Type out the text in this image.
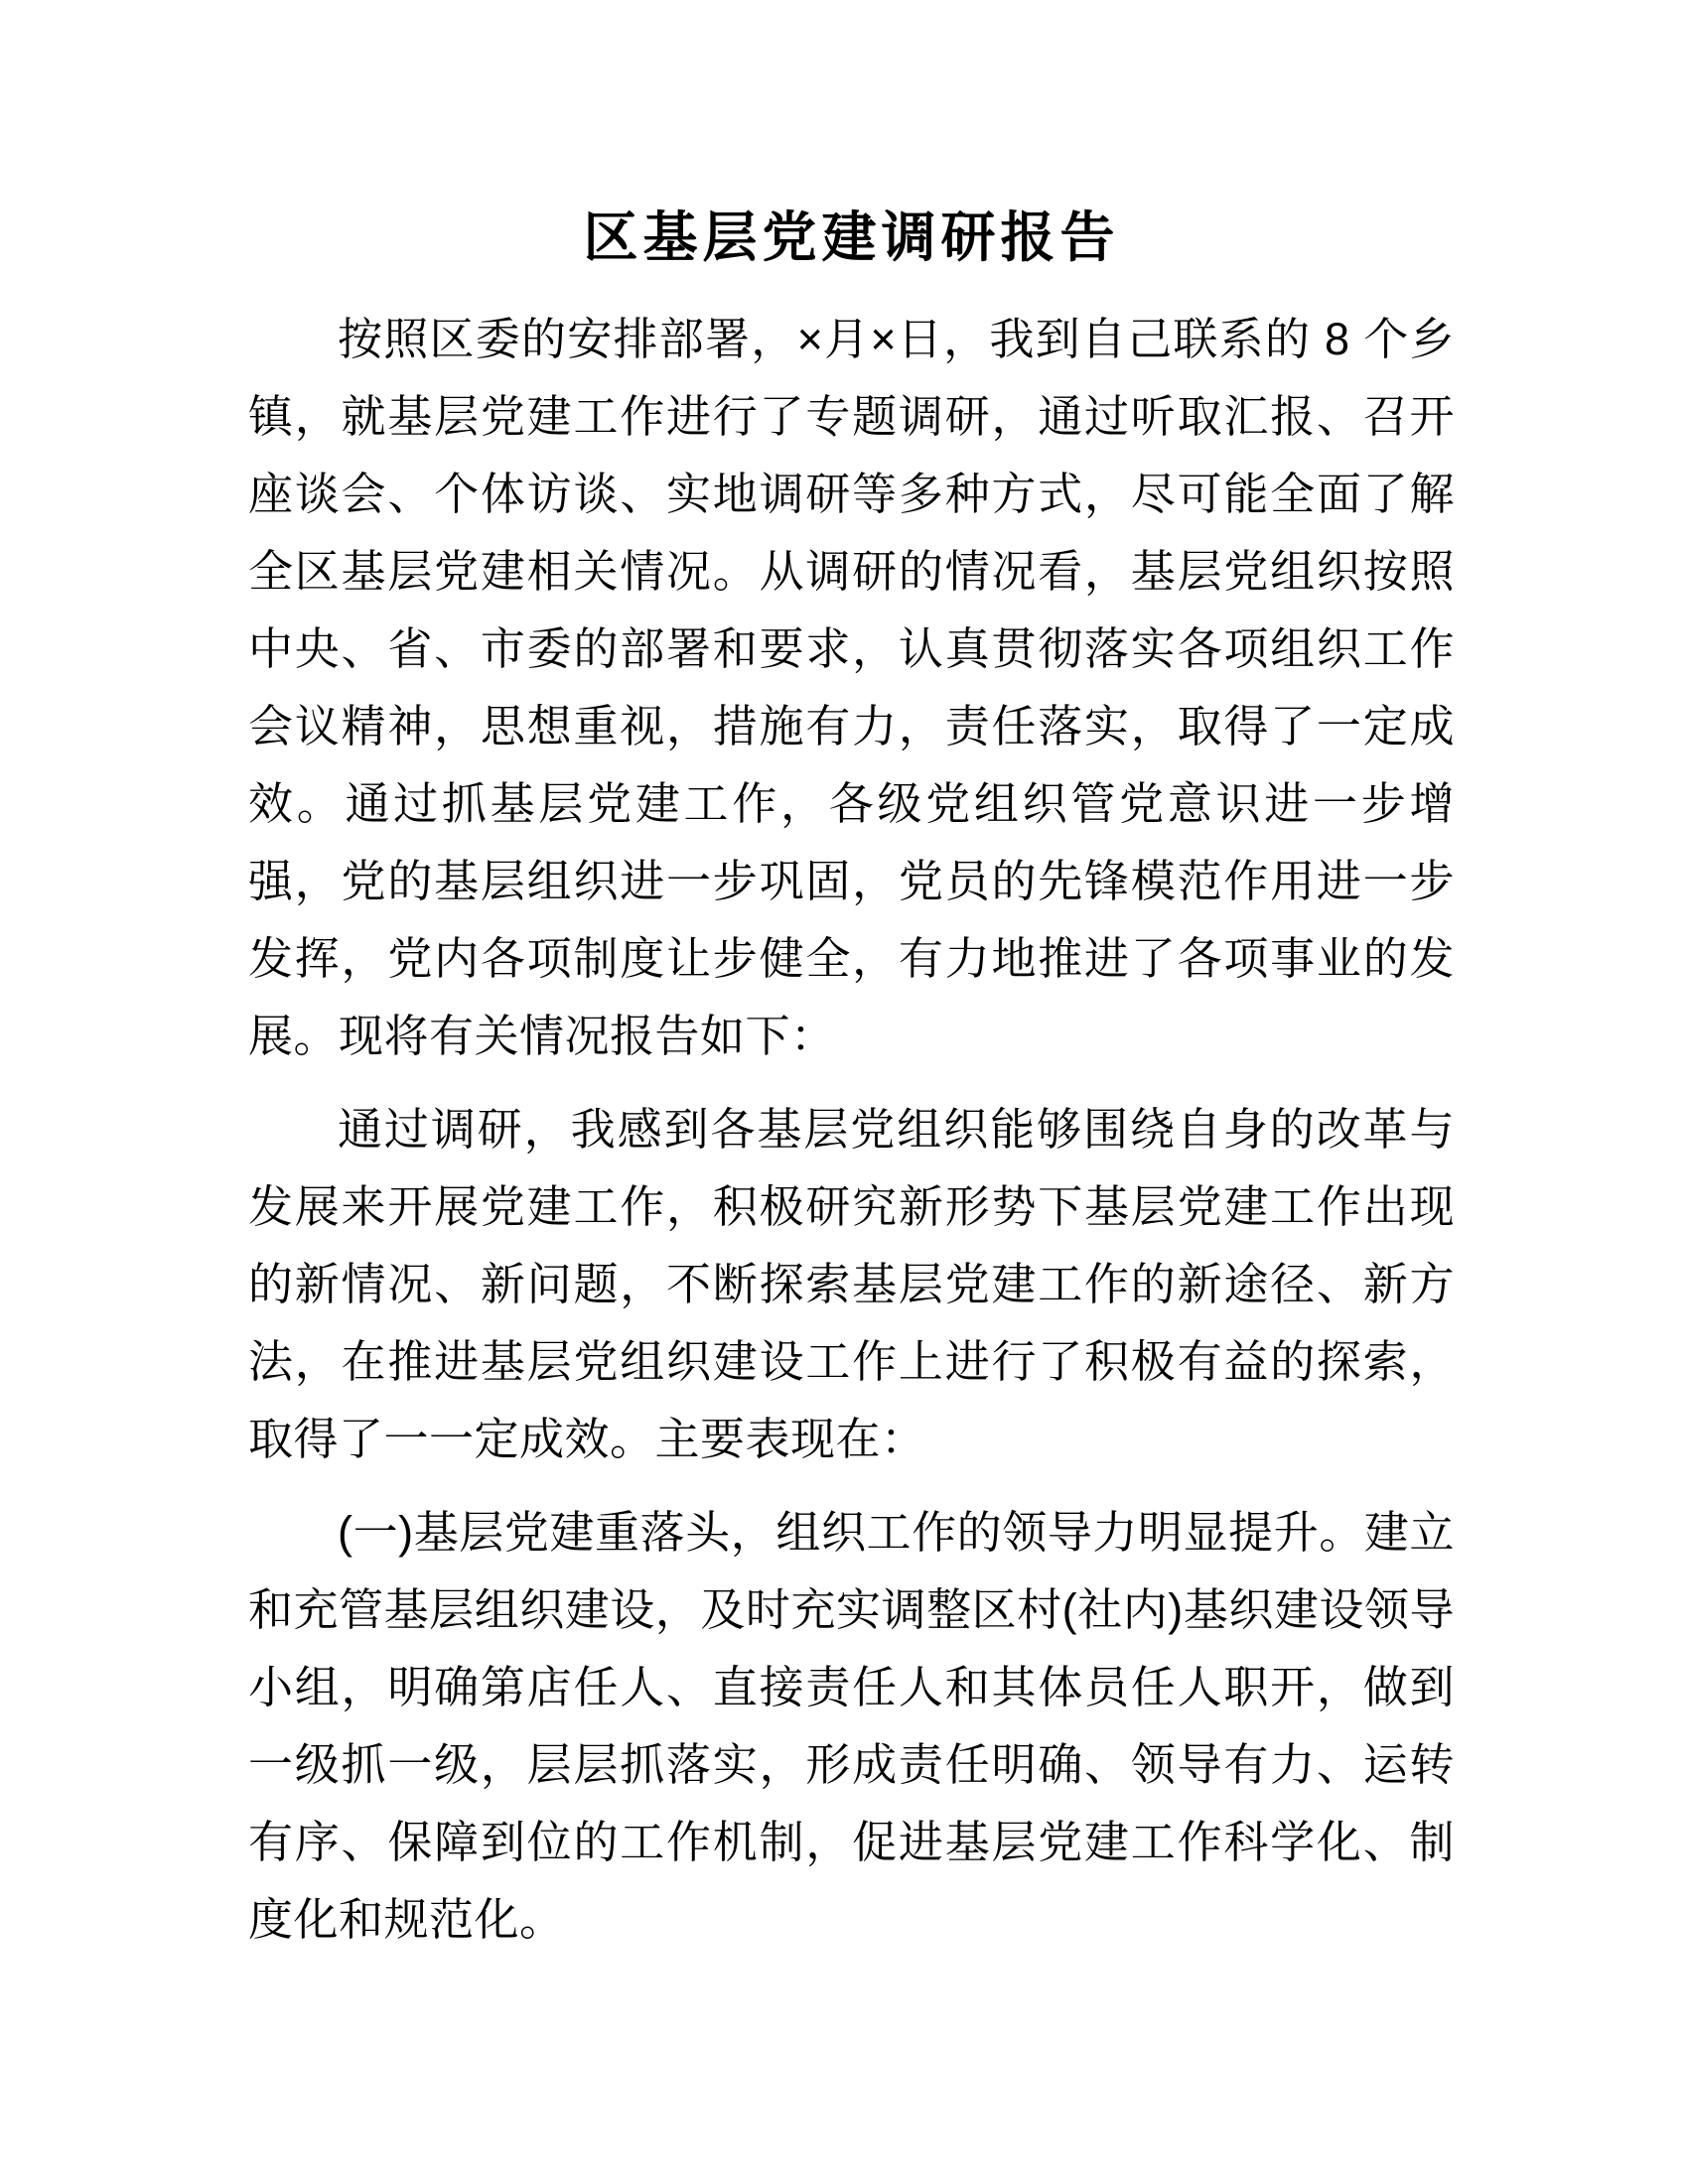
区基层党建调研报告

按照区委的安排部署，×月×日，我到自己联系的 8 个乡镇，就基层党建工作进行了专题调研，通过听取汇报、召开座谈会、个体访谈、实地调研等多种方式，尽可能全面了解全区基层党建相关情况。从调研的情况看，基层党组织按照中央、省、市委的部署和要求，认真贯彻落实各项组织工作会议精神，思想重视，措施有力，责任落实，取得了一定成效。通过抓基层党建工作，各级党组织管党意识进一步增强，党的基层组织进一步巩固，党员的先锋模范作用进一步发挥，党内各项制度让步健全，有力地推进了各项事业的发展。现将有关情况报告如下：

通过调研，我感到各基层党组织能够围绕自身的改革与发展来开展党建工作，积极研究新形势下基层党建工作出现的新情况、新问题，不断探索基层党建工作的新途径、新方法，在推进基层党组织建设工作上进行了积极有益的探索，取得了一一定成效。主要表现在：

(一)基层党建重落头，组织工作的领导力明显提升。建立和充管基层组织建设，及时充实调整区村(社内)基织建设领导小组，明确第店任人、直接责任人和其体员任人职开，做到一级抓一级，层层抓落实，形成责任明确、领导有力、运转有序、保障到位的工作机制，促进基层党建工作科学化、制度化和规范化。
